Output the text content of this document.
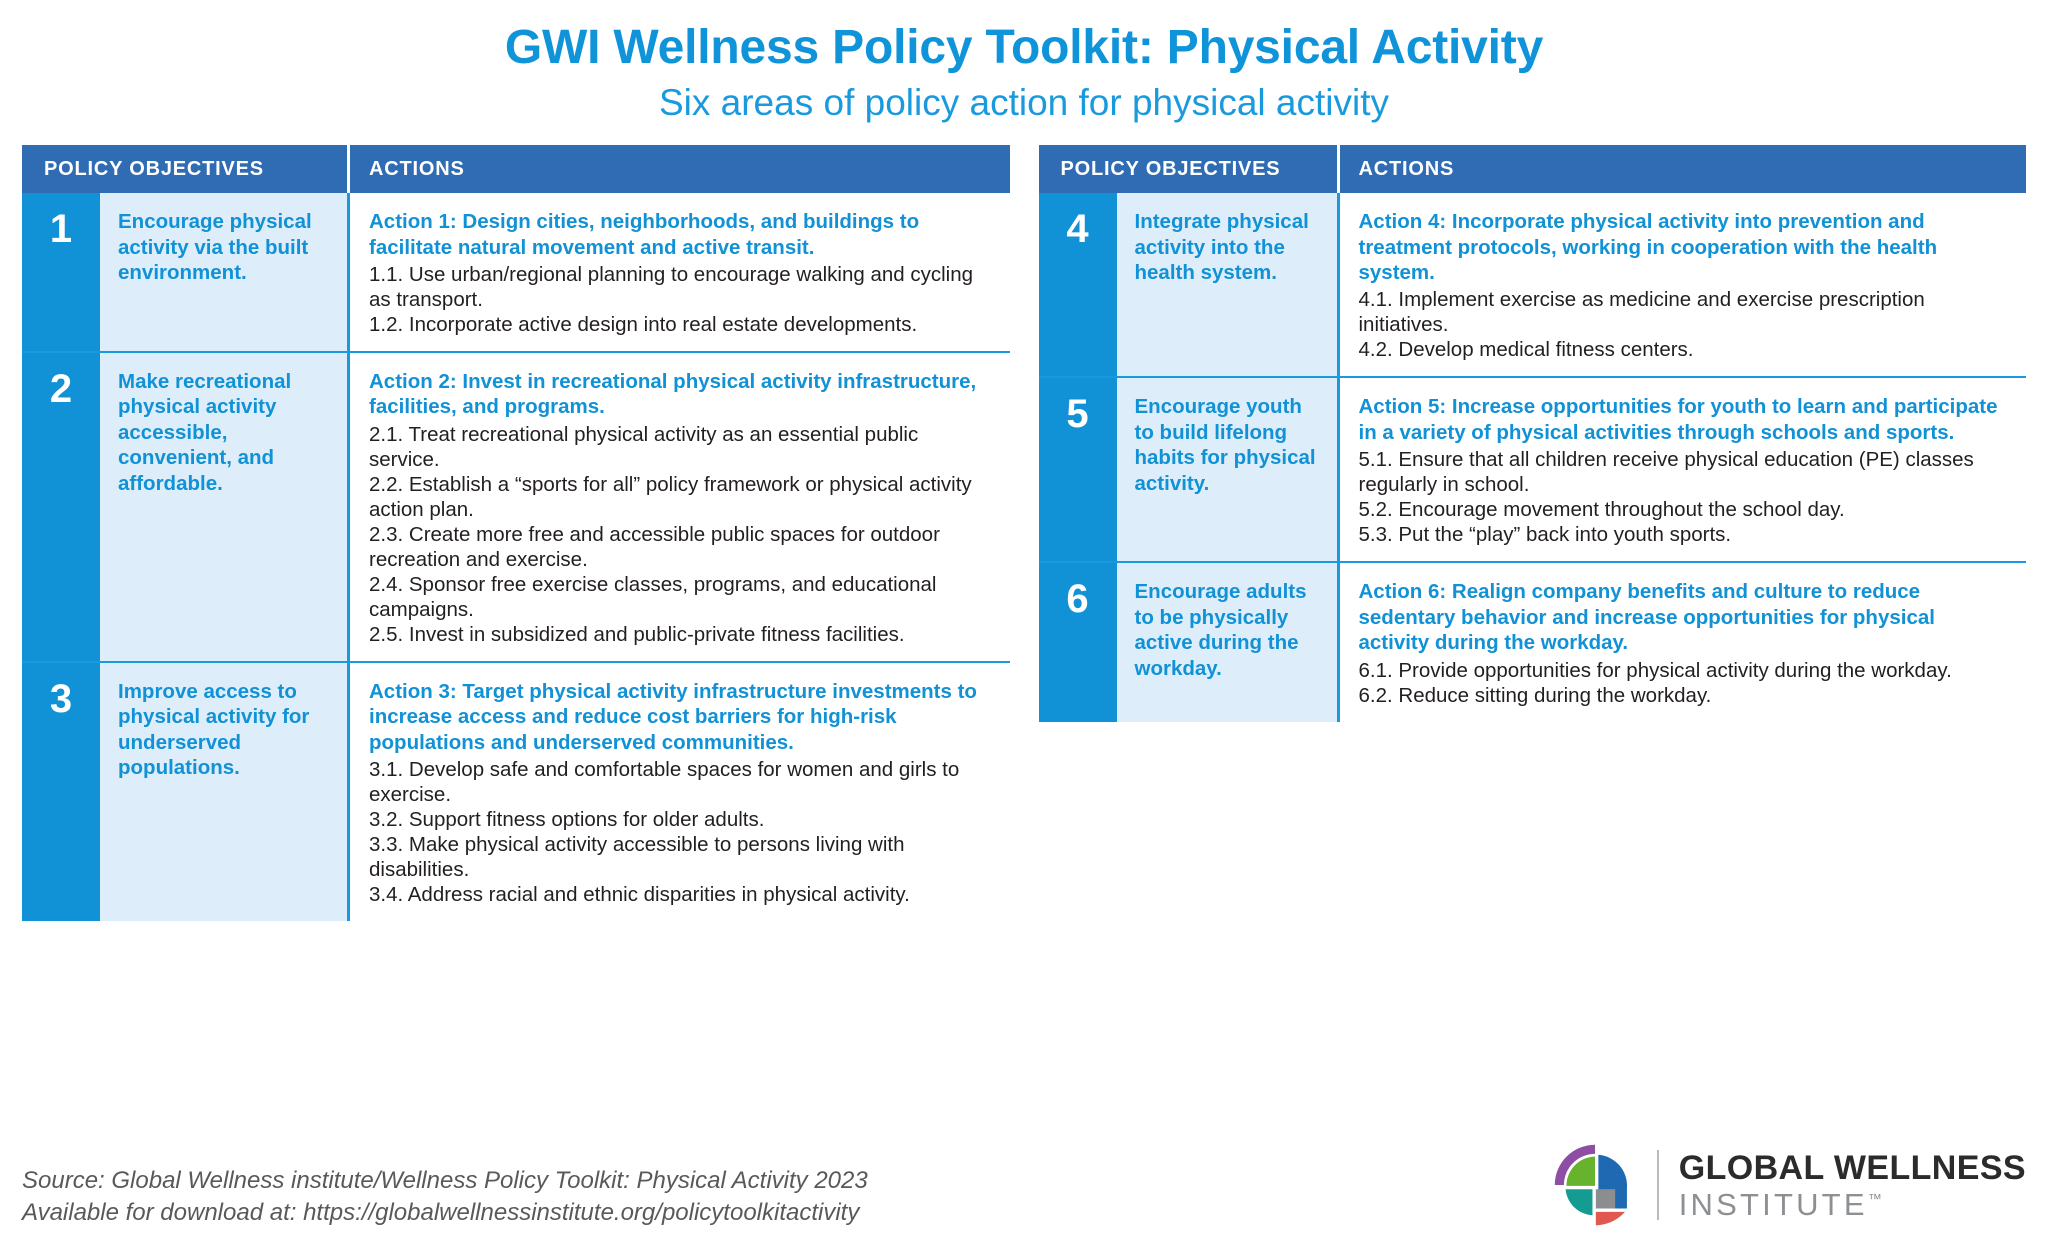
GWI Wellness Policy Toolkit: Physical Activity
Six areas of policy action for physical activity
POLICY OBJECTIVES	ACTIONS
1	Encourage physical activity via the built environment.
Action 1: Design cities, neighborhoods, and buildings to facilitate natural movement and active transit.
1.1. Use urban/regional planning to encourage walking and cycling as transport.
1.2. Incorporate active design into real estate developments.
2	Make recreational physical activity accessible, convenient, and affordable.
Action 2: Invest in recreational physical activity infrastructure, facilities, and programs.
2.1. Treat recreational physical activity as an essential public service.
2.2. Establish a “sports for all” policy framework or physical activity action plan.
2.3. Create more free and accessible public spaces for outdoor recreation and exercise.
2.4. Sponsor free exercise classes, programs, and educational campaigns.
2.5. Invest in subsidized and public-private fitness facilities.
3	Improve access to physical activity for underserved populations.
Action 3: Target physical activity infrastructure investments to increase access and reduce cost barriers for high-risk populations and underserved communities.
3.1. Develop safe and comfortable spaces for women and girls to exercise.
3.2. Support fitness options for older adults.
3.3. Make physical activity accessible to persons living with disabilities.
3.4. Address racial and ethnic disparities in physical activity.
POLICY OBJECTIVES	ACTIONS
4	Integrate physical activity into the health system.
Action 4: Incorporate physical activity into prevention and treatment protocols, working in cooperation with the health system.
4.1. Implement exercise as medicine and exercise prescription initiatives.
4.2. Develop medical fitness centers.
5	Encourage youth to build lifelong habits for physical activity.
Action 5: Increase opportunities for youth to learn and participate in a variety of physical activities through schools and sports.
5.1. Ensure that all children receive physical education (PE) classes regularly in school.
5.2. Encourage movement throughout the school day.
5.3. Put the “play” back into youth sports.
6	Encourage adults to be physically active during the workday.
Action 6: Realign company benefits and culture to reduce sedentary behavior and increase opportunities for physical activity during the workday.
6.1. Provide opportunities for physical activity during the workday.
6.2. Reduce sitting during the workday.
Source: Global Wellness institute/Wellness Policy Toolkit: Physical Activity 2023
Available for download at: https://globalwellnessinstitute.org/policytoolkitactivity
GLOBAL WELLNESS
INSTITUTE™
